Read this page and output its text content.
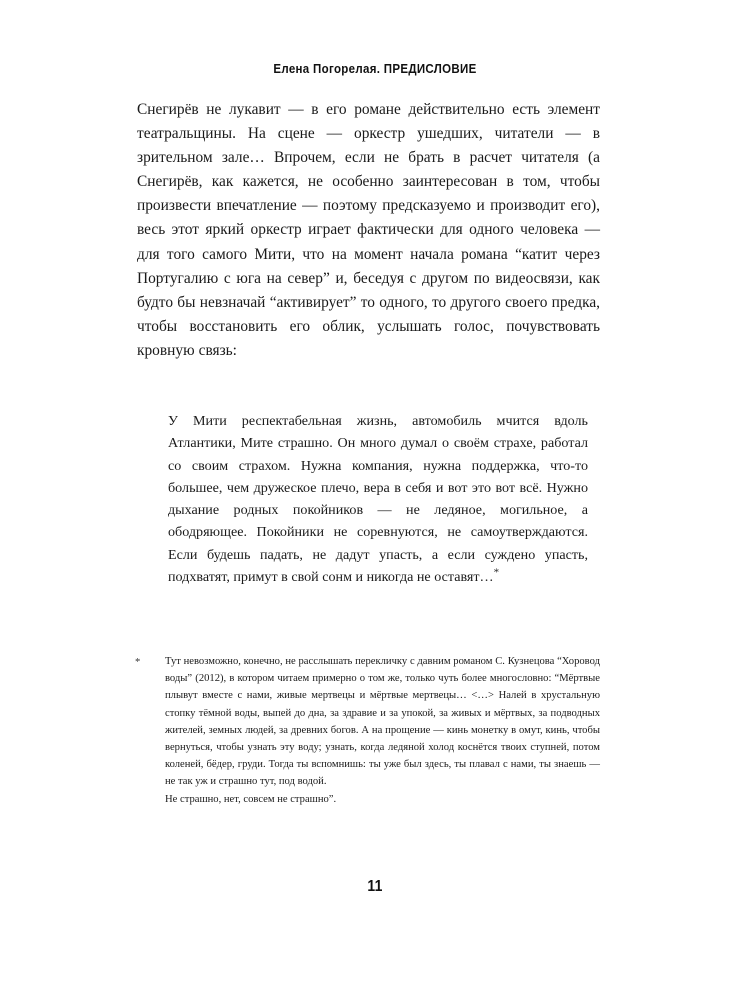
Елена Погорелая. ПРЕДИСЛОВИЕ

Снегирёв не лукавит — в его романе действительно есть элемент театральщины. На сцене — оркестр ушедших, читатели — в зрительном зале… Впрочем, если не брать в расчет читателя (а Снегирёв, как кажется, не особенно заинтересован в том, чтобы произвести впечатление — поэтому предсказуемо и производит его), весь этот яркий оркестр играет фактически для одного человека — для того самого Мити, что на момент начала романа “катит через Португалию с юга на север” и, беседуя с другом по видеосвязи, как будто бы невзначай “активирует” то одного, то другого своего предка, чтобы восстановить его облик, услышать голос, почувствовать кровную связь:

У Мити респектабельная жизнь, автомобиль мчится вдоль Атлантики, Мите страшно. Он много думал о своём страхе, работал со своим страхом. Нужна компания, нужна поддержка, что-то большее, чем дружеское плечо, вера в себя и вот это вот всё. Нужно дыхание родных покойников — не ледяное, могильное, а ободряющее. Покойники не соревнуются, не самоутверждаются. Если будешь падать, не дадут упасть, а если суждено упасть, подхватят, примут в свой сонм и никогда не оставят…*

*	Тут невозможно, конечно, не расслышать перекличку с давним романом С. Кузнецова “Хоровод воды” (2012), в котором читаем примерно о том же, только чуть более многословно: “Мёртвые плывут вместе с нами, живые мертвецы и мёртвые мертвецы… <…> Налей в хрустальную стопку тёмной воды, выпей до дна, за здравие и за упокой, за живых и мёртвых, за подводных жителей, земных людей, за древних богов. А на прощение — кинь монетку в омут, кинь, чтобы вернуться, чтобы узнать эту воду; узнать, когда ледяной холод коснётся твоих ступней, потом коленей, бёдер, груди. Тогда ты вспомнишь: ты уже был здесь, ты плавал с нами, ты знаешь — не так уж и страшно тут, под водой.

Не страшно, нет, совсем не страшно”.

11
